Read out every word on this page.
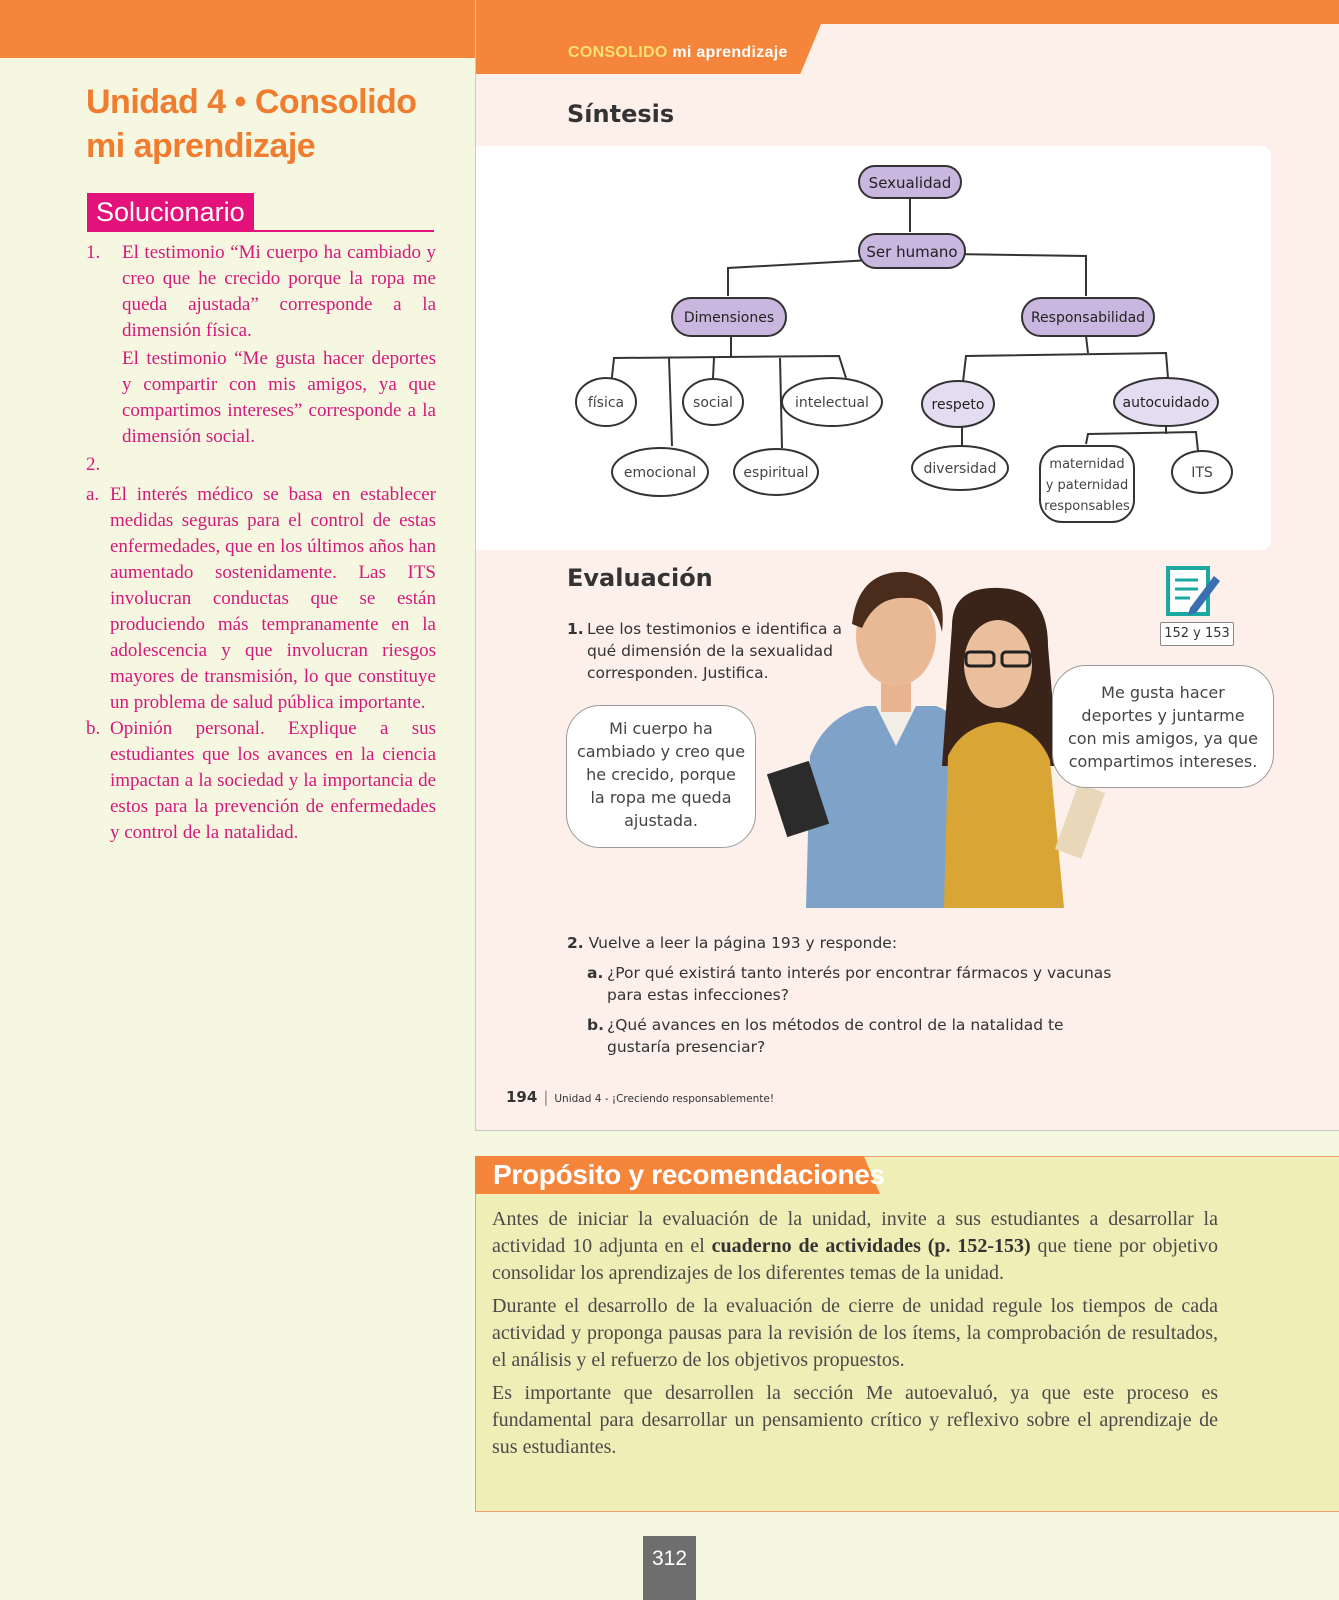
Unidad 4 • Consolido
mi aprendizaje
Solucionario
1. El testimonio “Mi cuerpo ha cambiado y creo que he crecido porque la ropa me queda ajustada” corresponde a la dimensión física.

El testimonio “Me gusta hacer deportes y compartir con mis amigos, ya que compartimos intereses” corresponde a la dimensión social.

2.
a. El interés médico se basa en establecer medidas seguras para el control de estas enfermedades, que en los últimos años han aumentado sostenidamente. Las ITS involucran conductas que se están produciendo más tempranamente en la adolescencia y que involucran riesgos mayores de transmisión, lo que constituye un problema de salud pública importante.
b. Opinión personal. Explique a sus estudiantes que los avances en la ciencia impactan a la sociedad y la importancia de estos para la prevención de enfermedades y control de la natalidad.
CONSOLIDO mi aprendizaje
Síntesis
Sexualidad
Ser humano
Dimensiones	Responsabilidad
física	social	intelectual
emocional	espiritual
respeto	autocuidado
diversidad	maternidad
y paternidad
responsables
ITS
Evaluación
1. Lee los testimonios e identifica a qué dimensión de la sexualidad corresponden. Justifica.
152 y 153
Mi cuerpo ha
cambiado y creo que
he crecido, porque
la ropa me queda
ajustada.
Me gusta hacer
deportes y juntarme
con mis amigos, ya que
compartimos intereses.
2. Vuelve a leer la página 193 y responde:
a. ¿Por qué existirá tanto interés por encontrar fármacos y vacunas para estas infecciones?
b. ¿Qué avances en los métodos de control de la natalidad te gustaría presenciar?
194 | Unidad 4 - ¡Creciendo responsablemente!
Propósito y recomendaciones

Antes de iniciar la evaluación de la unidad, invite a sus estudiantes a desarrollar la actividad 10 adjunta en el cuaderno de actividades (p. 152-153) que tiene por objetivo consolidar los aprendizajes de los diferentes temas de la unidad.

Durante el desarrollo de la evaluación de cierre de unidad regule los tiempos de cada actividad y proponga pausas para la revisión de los ítems, la comprobación de resultados, el análisis y el refuerzo de los objetivos propuestos.

Es importante que desarrollen la sección Me autoevaluó, ya que este proceso es fundamental para desarrollar un pensamiento crítico y reflexivo sobre el aprendizaje de sus estudiantes.

312
